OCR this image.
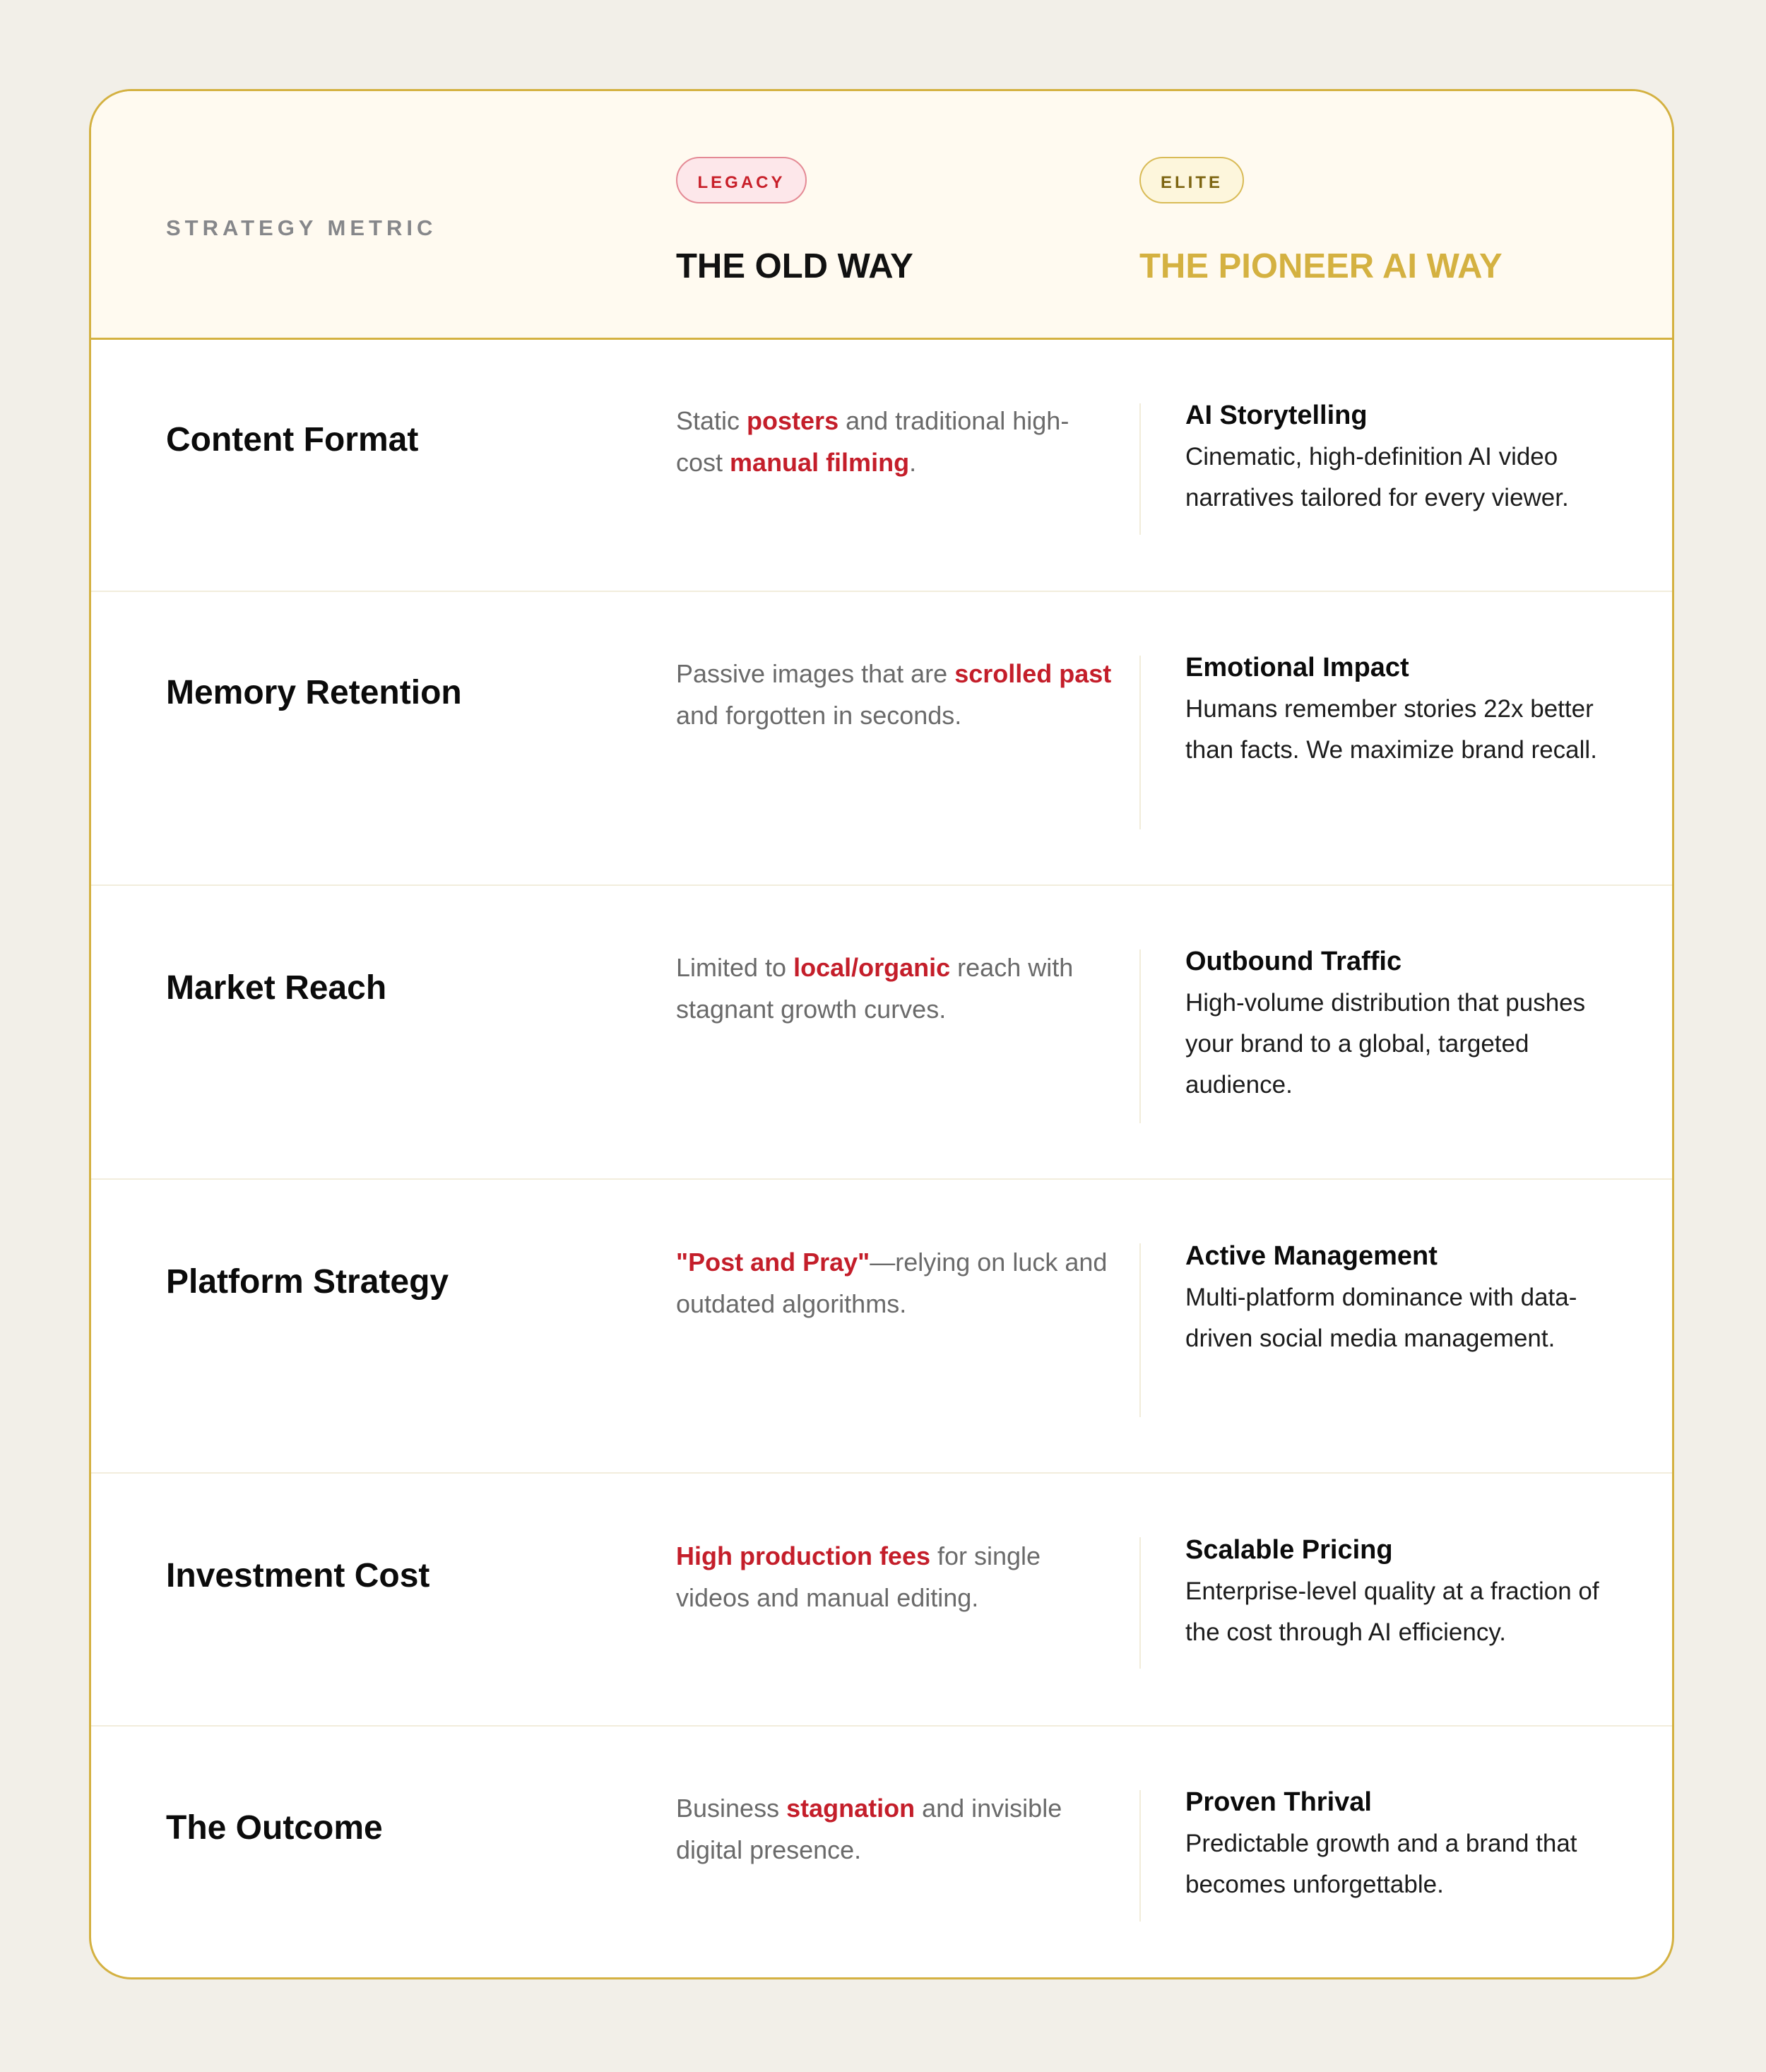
STRATEGY METRIC

LEGACY
THE OLD WAY
ELITE
THE PIONEER AI WAY
Content Format

Static posters and traditional high-cost manual filming.

AI Storytelling

Cinematic, high-definition AI video narratives tailored for every viewer.

Memory Retention

Passive images that are scrolled past and forgotten in seconds.

Emotional Impact

Humans remember stories 22x better than facts. We maximize brand recall.

Market Reach

Limited to local/organic reach with stagnant growth curves.

Outbound Traffic

High-volume distribution that pushes your brand to a global, targeted audience.

Platform Strategy

"Post and Pray"—relying on luck and outdated algorithms.

Active Management

Multi-platform dominance with data-driven social media management.

Investment Cost

High production fees for single videos and manual editing.

Scalable Pricing

Enterprise-level quality at a fraction of the cost through AI efficiency.

The Outcome

Business stagnation and invisible digital presence.

Proven Thrival

Predictable growth and a brand that becomes unforgettable.
